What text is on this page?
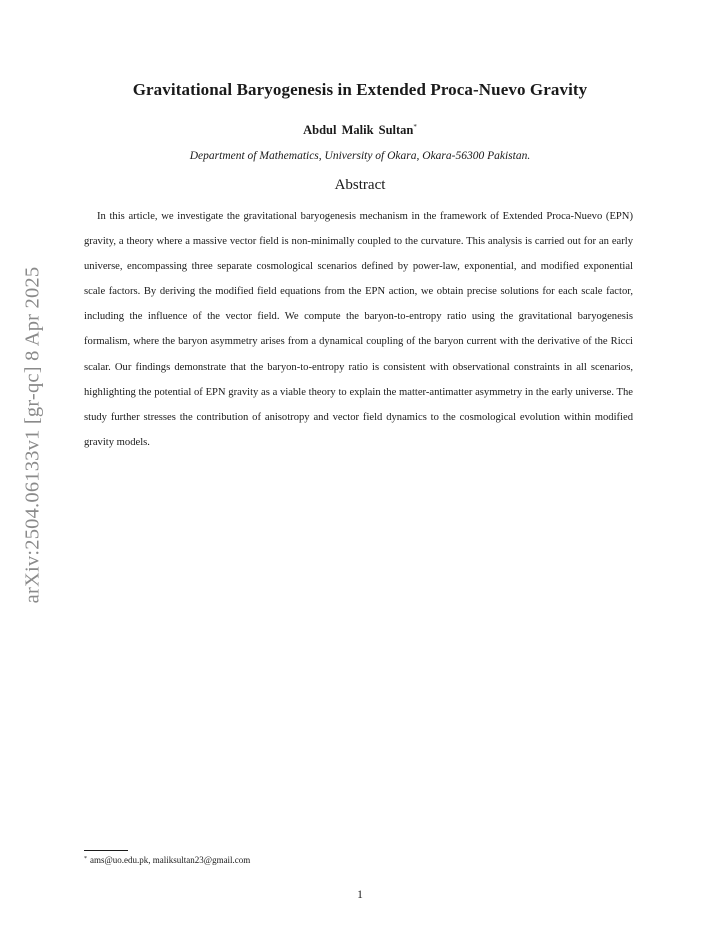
arXiv:2504.06133v1 [gr-qc] 8 Apr 2025
Gravitational Baryogenesis in Extended Proca-Nuevo Gravity
Abdul Malik Sultan*
Department of Mathematics, University of Okara, Okara-56300 Pakistan.
Abstract

In this article, we investigate the gravitational baryogenesis mechanism in the framework of Extended Proca-Nuevo (EPN) gravity, a theory where a massive vector field is non-minimally coupled to the curvature. This analysis is carried out for an early universe, encompassing three separate cosmological scenarios defined by power-law, exponential, and modified exponential scale factors. By deriving the modified field equations from the EPN action, we obtain precise solutions for each scale factor, including the influence of the vector field. We compute the baryon-to-entropy ratio using the gravitational baryogenesis formalism, where the baryon asymmetry arises from a dynamical coupling of the baryon current with the derivative of the Ricci scalar. Our findings demonstrate that the baryon-to-entropy ratio is consistent with observational constraints in all scenarios, highlighting the potential of EPN gravity as a viable theory to explain the matter-antimatter asymmetry in the early universe. The study further stresses the contribution of anisotropy and vector field dynamics to the cosmological evolution within modified gravity models.

* ams@uo.edu.pk, maliksultan23@gmail.com
1
